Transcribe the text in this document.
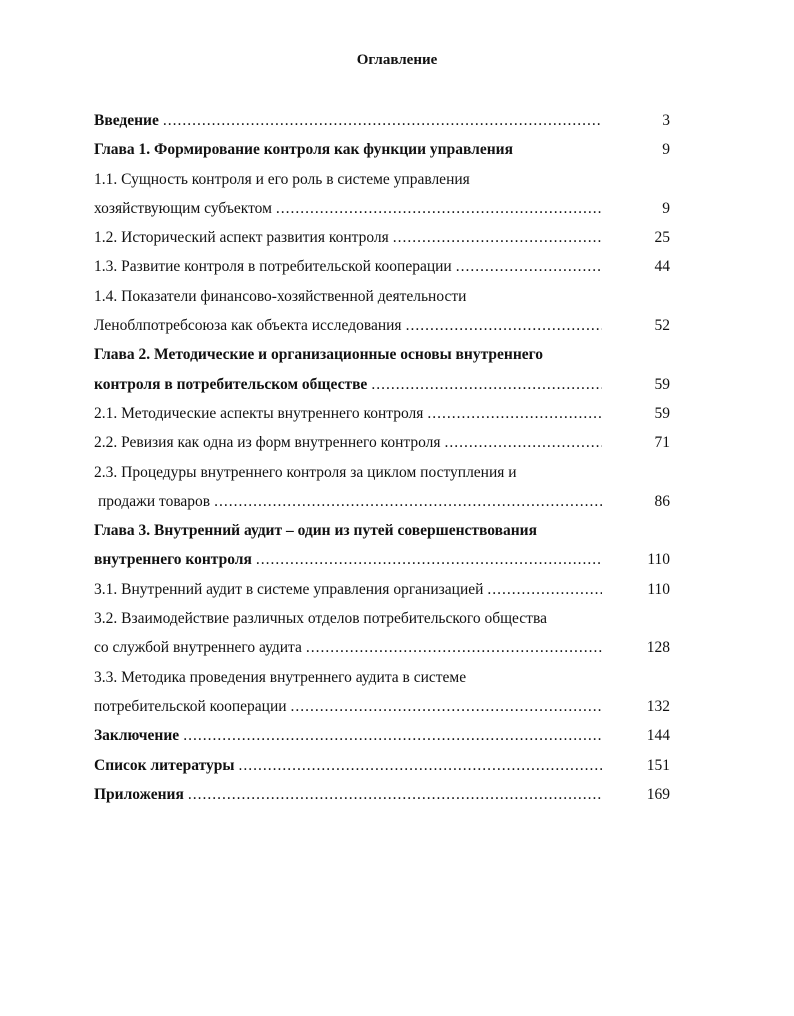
Оглавление
Введение .....	3
Глава 1. Формирование контроля как функции управления	9
1.1. Сущность контроля и его роль в системе управления
хозяйствующим субъектом .....	9
1.2. Исторический аспект развития контроля .....	25
1.3. Развитие контроля в потребительской кооперации .....	44
1.4. Показатели финансово-хозяйственной деятельности
Леноблпотребсоюза как объекта исследования .....	52
Глава 2. Методические и организационные основы внутреннего
контроля в потребительском обществе .....	59
2.1. Методические аспекты внутреннего контроля .....	59
2.2. Ревизия как одна из форм внутреннего контроля .....	71
2.3. Процедуры внутреннего контроля за циклом поступления и
продажи товаров .....	86
Глава 3. Внутренний аудит – один из путей совершенствования
внутреннего контроля .....	110
3.1. Внутренний аудит в системе управления организацией .....	110
3.2. Взаимодействие различных отделов потребительского общества
со службой внутреннего аудита .....	128
3.3. Методика проведения внутреннего аудита в системе
потребительской кооперации .....	132
Заключение .....	144
Список литературы .....	151
Приложения .....	169
